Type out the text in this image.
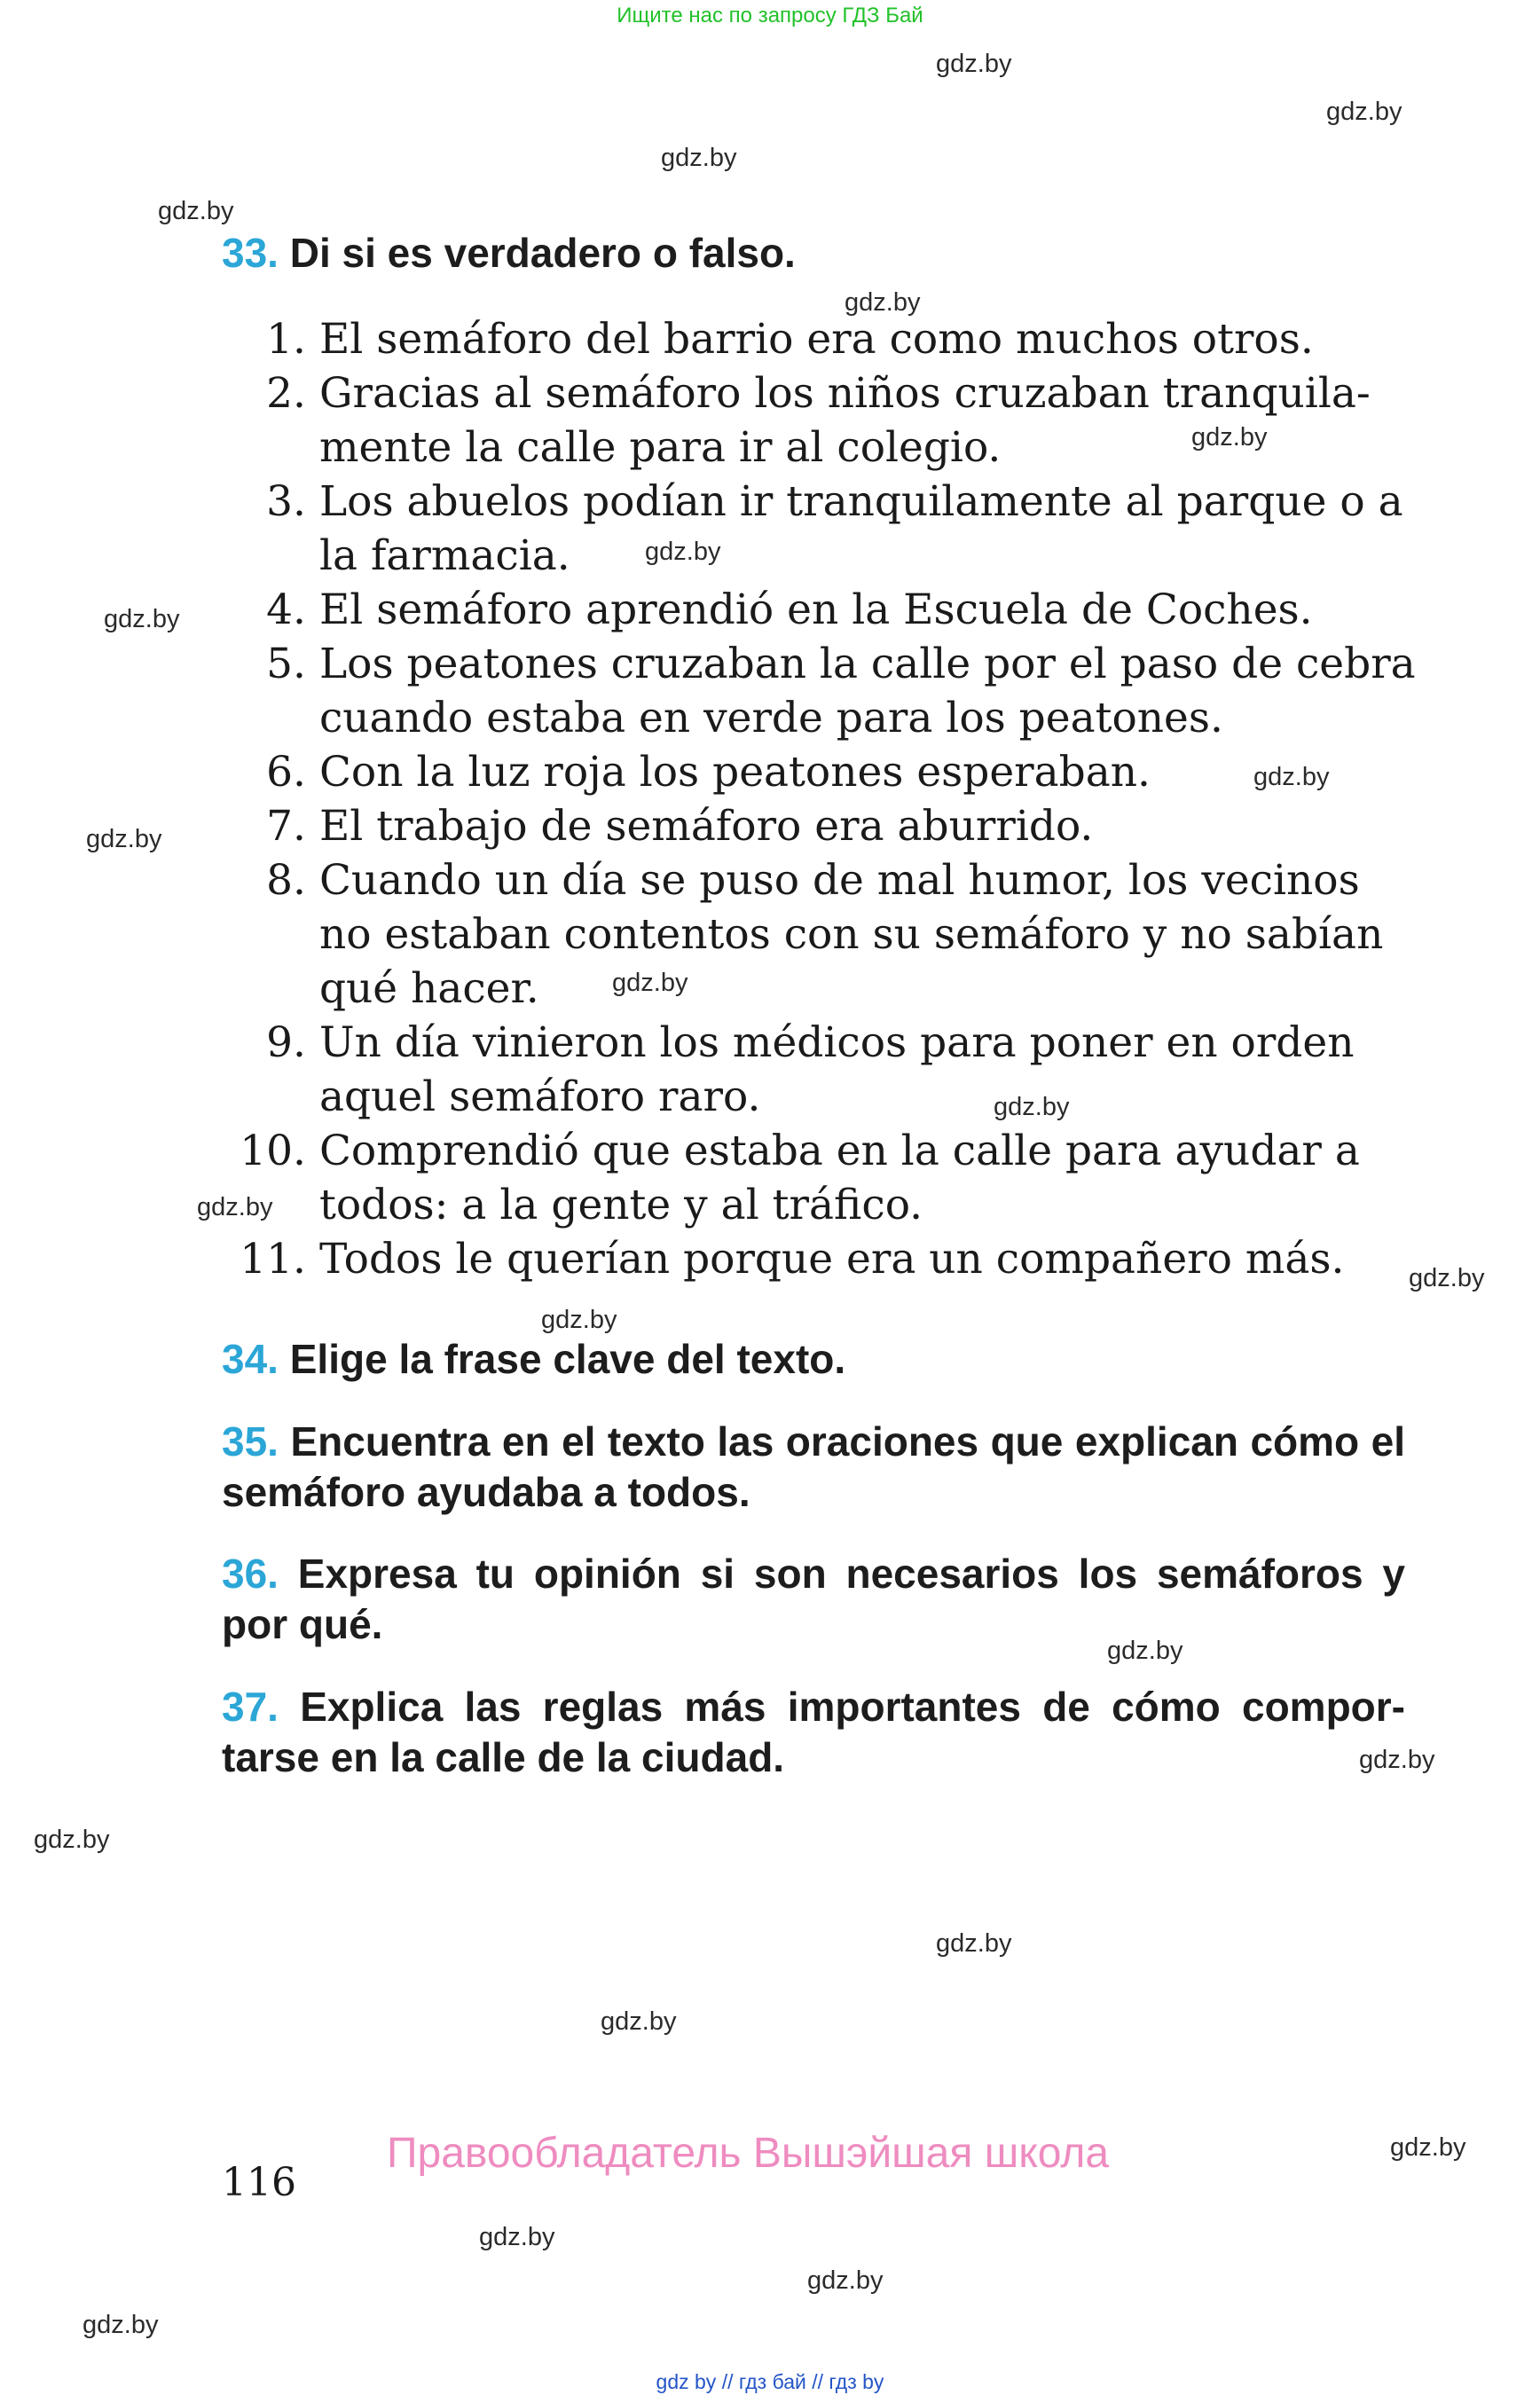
Ищите нас по запросу ГДЗ Бай
gdz.by
gdz.by
gdz.by
gdz.by
gdz.by
gdz.by
gdz.by
gdz.by
gdz.by
gdz.by
gdz.by
gdz.by
gdz.by
gdz.by
gdz.by
gdz.by
gdz.by
gdz.by
gdz.by
gdz.by
gdz.by
gdz.by
gdz.by
gdz.by
33. Di si es verdadero o falso.
1. El semáforo del barrio era como muchos otros.
2. Gracias al semáforo los niños cruzaban tranquila-
mente la calle para ir al colegio.
3. Los abuelos podían ir tranquilamente al parque o a
la farmacia.
4. El semáforo aprendió en la Escuela de Coches.
5. Los peatones cruzaban la calle por el paso de cebra
cuando estaba en verde para los peatones.
6. Con la luz roja los peatones esperaban.
7. El trabajo de semáforo era aburrido.
8. Cuando un día se puso de mal humor, los vecinos
no estaban contentos con su semáforo y no sabían
qué hacer.
9. Un día vinieron los médicos para poner en orden
aquel semáforo raro.
10. Comprendió que estaba en la calle para ayudar a
todos: a la gente y al tráfico.
11. Todos le querían porque era un compañero más.
34. Elige la frase clave del texto.
35. Encuentra en el texto las oraciones que explican cómo el semáforo ayudaba a todos.
36. Expresa tu opinión si son necesarios los semáforos y por qué.
37. Explica las reglas más importantes de cómo compor-tarse en la calle de la ciudad.
116
Правообладатель Вышэйшая школа
gdz by // гдз бай // гдз by
